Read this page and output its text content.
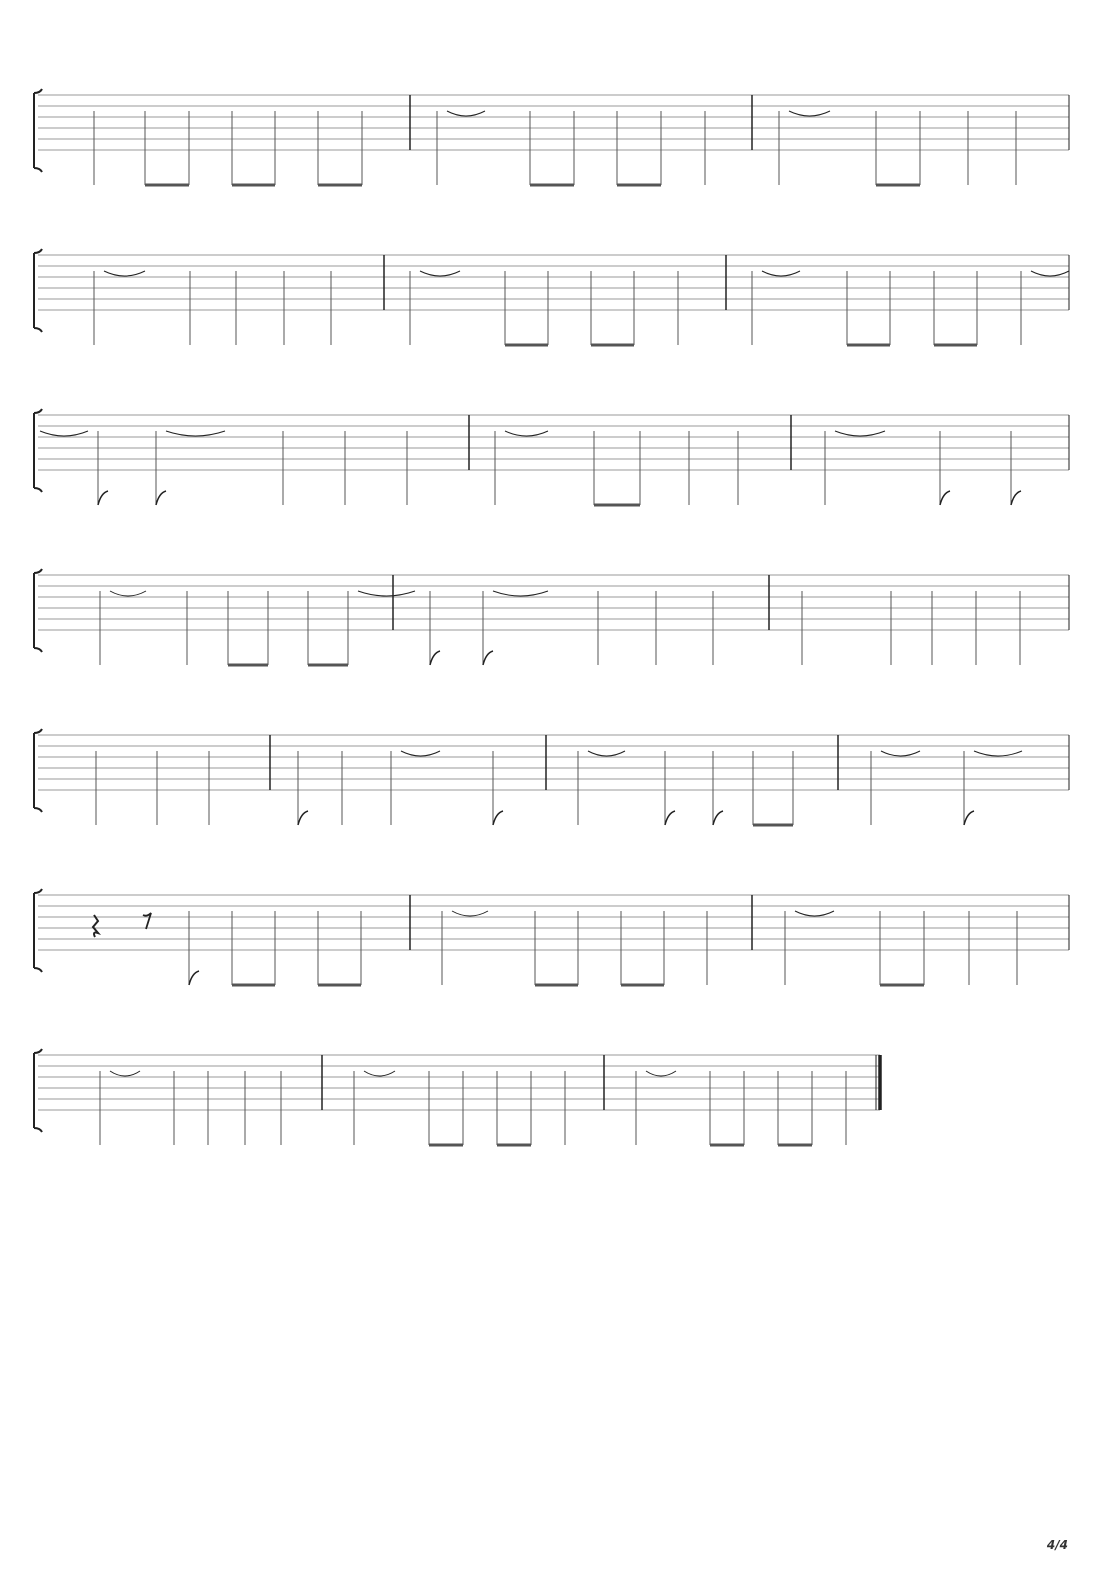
4/4
